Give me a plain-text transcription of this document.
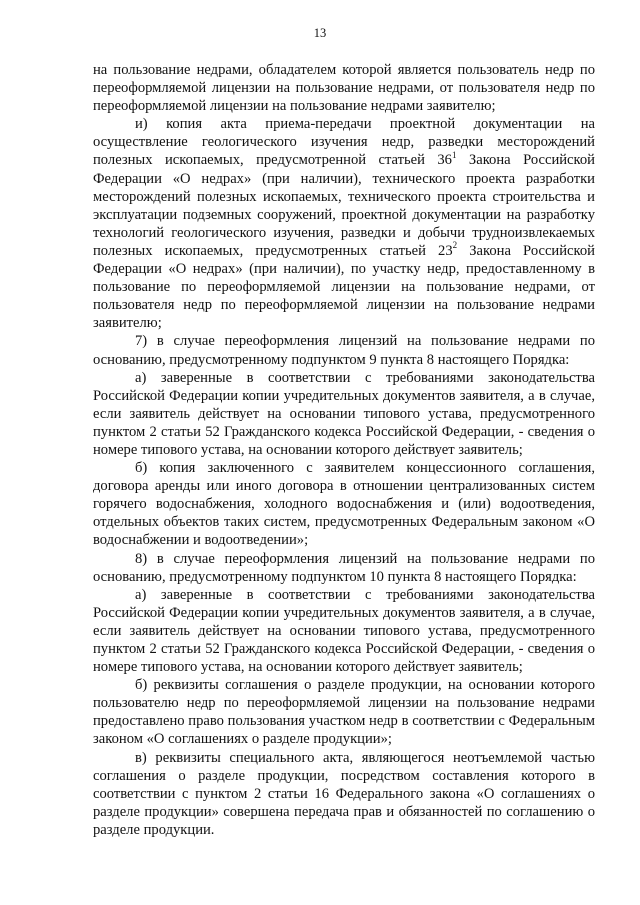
13

на пользование недрами, обладателем которой является пользователь недр по переоформляемой лицензии на пользование недрами, от пользователя недр по переоформляемой лицензии на пользование недрами заявителю;

и) копия акта приема-передачи проектной документации на осуществление геологического изучения недр, разведки месторождений полезных ископаемых, предусмотренной статьей $36^1$ Закона Российской Федерации «О недрах» (при наличии), технического проекта разработки месторождений полезных ископаемых, технического проекта строительства и эксплуатации подземных сооружений, проектной документации на разработку технологий геологического изучения, разведки и добычи трудноизвлекаемых полезных ископаемых, предусмотренных статьей $23^2$ Закона Российской Федерации «О недрах» (при наличии), по участку недр, предоставленному в пользование по переоформляемой лицензии на пользование недрами, от пользователя недр по переоформляемой лицензии на пользование недрами заявителю;

7) в случае переоформления лицензий на пользование недрами по основанию, предусмотренному подпунктом 9 пункта 8 настоящего Порядка:

а) заверенные в соответствии с требованиями законодательства Российской Федерации копии учредительных документов заявителя, а в случае, если заявитель действует на основании типового устава, предусмотренного пунктом 2 статьи 52 Гражданского кодекса Российской Федерации, - сведения о номере типового устава, на основании которого действует заявитель;

б) копия заключенного с заявителем концессионного соглашения, договора аренды или иного договора в отношении централизованных систем горячего водоснабжения, холодного водоснабжения и (или) водоотведения, отдельных объектов таких систем, предусмотренных Федеральным законом «О водоснабжении и водоотведении»;

8) в случае переоформления лицензий на пользование недрами по основанию, предусмотренному подпунктом 10 пункта 8 настоящего Порядка:

а) заверенные в соответствии с требованиями законодательства Российской Федерации копии учредительных документов заявителя, а в случае, если заявитель действует на основании типового устава, предусмотренного пунктом 2 статьи 52 Гражданского кодекса Российской Федерации, - сведения о номере типового устава, на основании которого действует заявитель;

б) реквизиты соглашения о разделе продукции, на основании которого пользователю недр по переоформляемой лицензии на пользование недрами предоставлено право пользования участком недр в соответствии с Федеральным законом «О соглашениях о разделе продукции»;

в) реквизиты специального акта, являющегося неотъемлемой частью соглашения о разделе продукции, посредством составления которого в соответствии с пунктом 2 статьи 16 Федерального закона «О соглашениях о разделе продукции» совершена передача прав и обязанностей по соглашению о разделе продукции.
